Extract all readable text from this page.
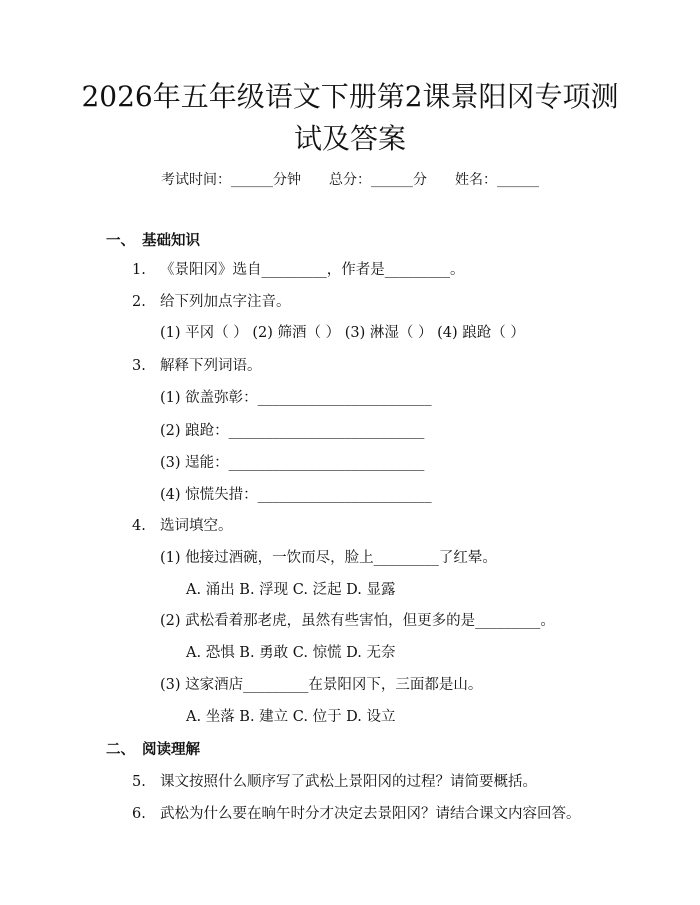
2026年五年级语文下册第2课景阳冈专项测试及答案
考试时间：______分钟 总分：______分 姓名：______
一、 基础知识
1. 《景阳冈》选自_________，作者是_________。
2. 给下列加点字注音。
(1) 平冈（ ） (2) 筛酒（ ） (3) 淋湿（ ） (4) 踉跄（ ）
3. 解释下列词语。
(1) 欲盖弥彰：________________________
(2) 踉跄：___________________________
(3) 逞能：___________________________
(4) 惊慌失措：________________________
4. 选词填空。
(1) 他接过酒碗，一饮而尽，脸上_________了红晕。
A. 涌出 B. 浮现 C. 泛起 D. 显露
(2) 武松看着那老虎，虽然有些害怕，但更多的是_________。
A. 恐惧 B. 勇敢 C. 惊慌 D. 无奈
(3) 这家酒店_________在景阳冈下，三面都是山。
A. 坐落 B. 建立 C. 位于 D. 设立
二、 阅读理解
5. 课文按照什么顺序写了武松上景阳冈的过程？请简要概括。
6. 武松为什么要在晌午时分才决定去景阳冈？请结合课文内容回答。
